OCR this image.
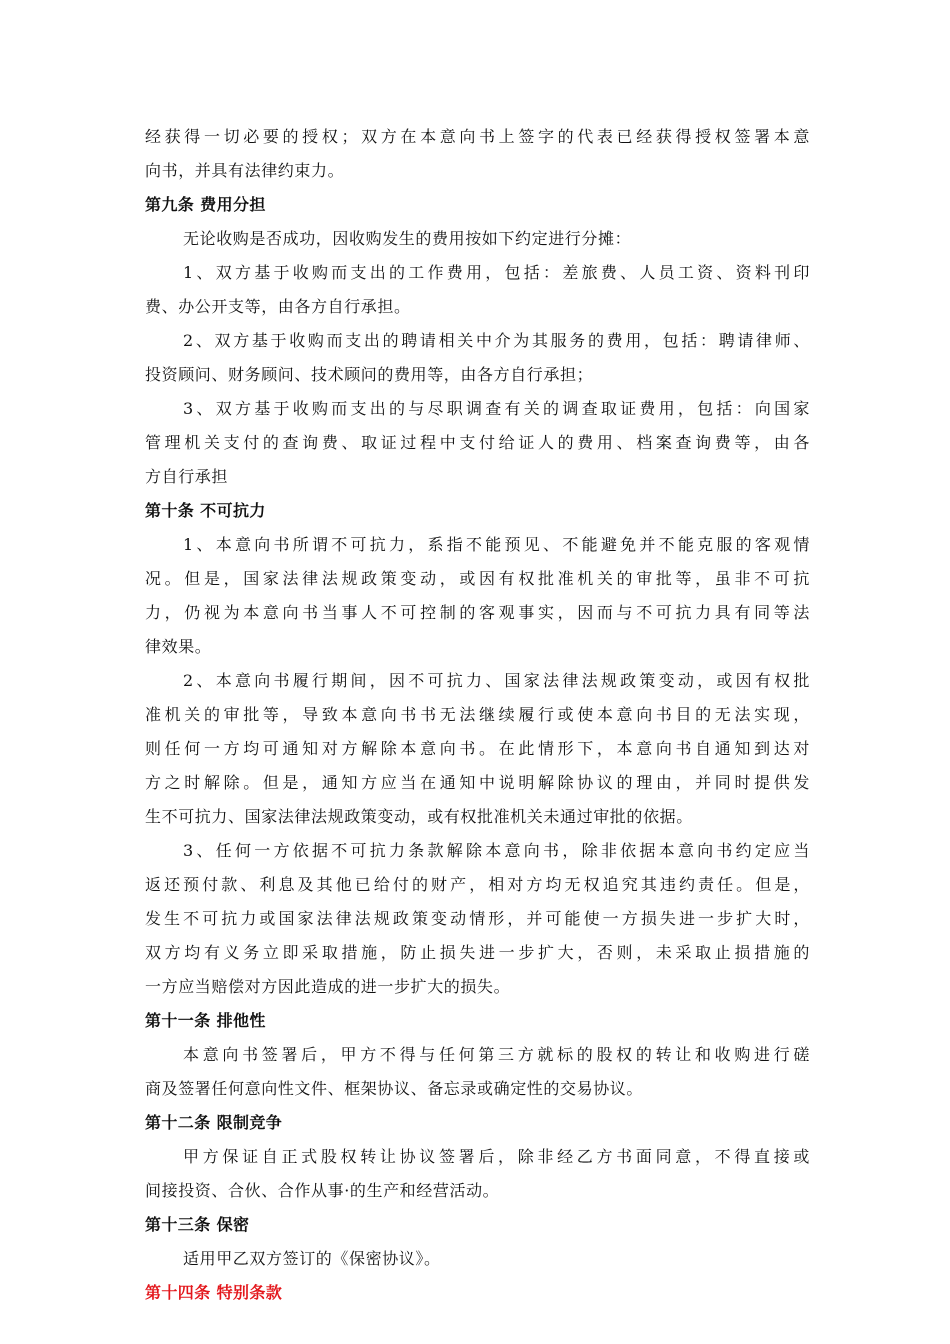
经获得一切必要的授权；双方在本意向书上签字的代表已经获得授权签署本意
向书，并具有法律约束力。
第九条 费用分担
无论收购是否成功，因收购发生的费用按如下约定进行分摊：
1、双方基于收购而支出的工作费用，包括：差旅费、人员工资、资料刊印
费、办公开支等，由各方自行承担。
2、双方基于收购而支出的聘请相关中介为其服务的费用，包括：聘请律师、
投资顾问、财务顾问、技术顾问的费用等，由各方自行承担；
3、双方基于收购而支出的与尽职调查有关的调查取证费用，包括：向国家
管理机关支付的查询费、取证过程中支付给证人的费用、档案查询费等，由各
方自行承担
第十条 不可抗力
1、本意向书所谓不可抗力，系指不能预见、不能避免并不能克服的客观情
况。但是，国家法律法规政策变动，或因有权批准机关的审批等，虽非不可抗
力，仍视为本意向书当事人不可控制的客观事实，因而与不可抗力具有同等法
律效果。
2、本意向书履行期间，因不可抗力、国家法律法规政策变动，或因有权批
准机关的审批等，导致本意向书书无法继续履行或使本意向书目的无法实现，
则任何一方均可通知对方解除本意向书。在此情形下，本意向书自通知到达对
方之时解除。但是，通知方应当在通知中说明解除协议的理由，并同时提供发
生不可抗力、国家法律法规政策变动，或有权批准机关未通过审批的依据。
3、任何一方依据不可抗力条款解除本意向书，除非依据本意向书约定应当
返还预付款、利息及其他已给付的财产，相对方均无权追究其违约责任。但是，
发生不可抗力或国家法律法规政策变动情形，并可能使一方损失进一步扩大时，
双方均有义务立即采取措施，防止损失进一步扩大，否则，未采取止损措施的
一方应当赔偿对方因此造成的进一步扩大的损失。
第十一条 排他性
本意向书签署后，甲方不得与任何第三方就标的股权的转让和收购进行磋
商及签署任何意向性文件、框架协议、备忘录或确定性的交易协议。
第十二条 限制竞争
甲方保证自正式股权转让协议签署后，除非经乙方书面同意，不得直接或
间接投资、合伙、合作从事·的生产和经营活动。
第十三条 保密
适用甲乙双方签订的《保密协议》。
第十四条 特别条款
